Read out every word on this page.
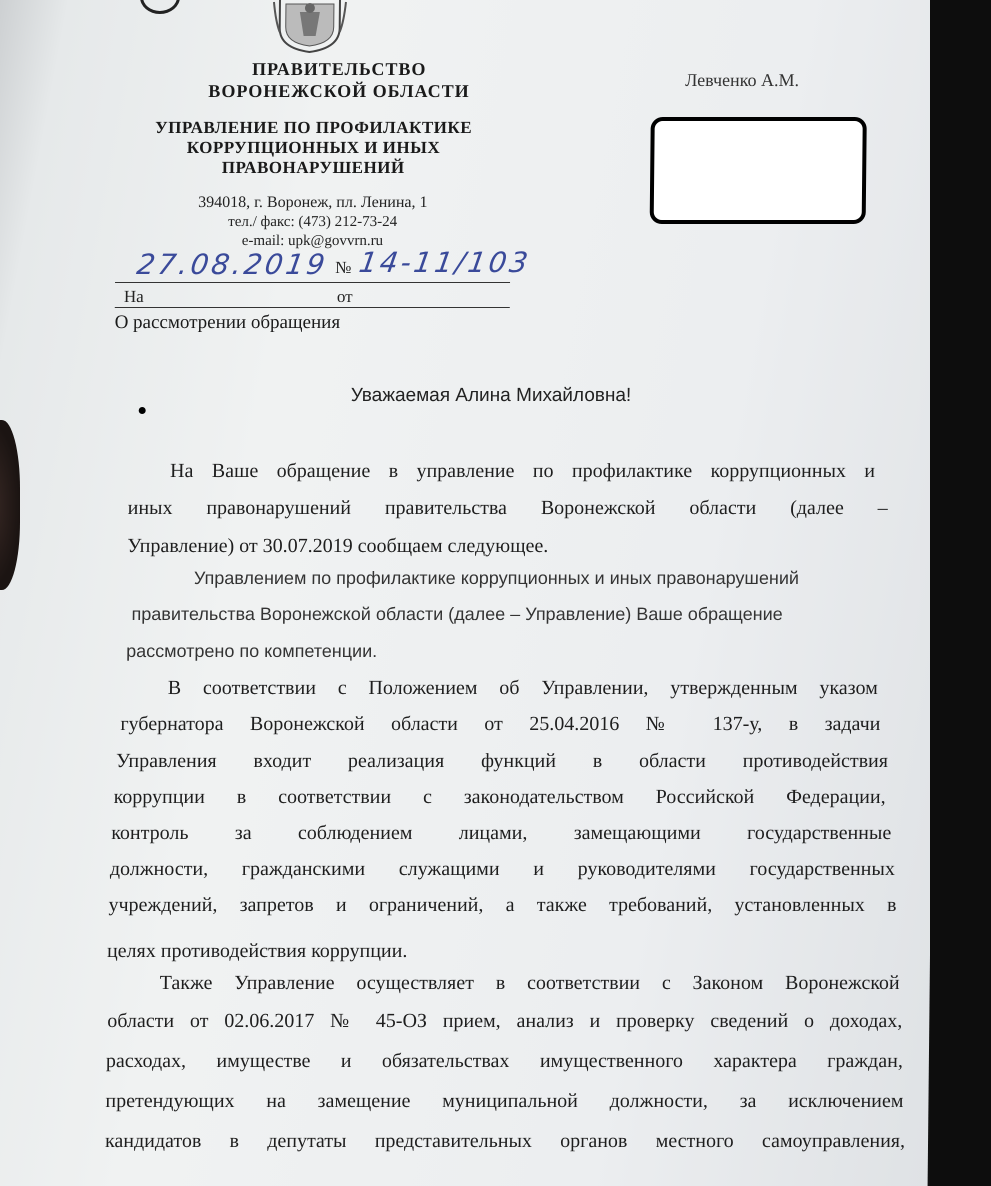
ПРАВИТЕЛЬСТВО
ВОРОНЕЖСКОЙ ОБЛАСТИ
УПРАВЛЕНИЕ ПО ПРОФИЛАКТИКЕ
КОРРУПЦИОННЫХ И ИНЫХ
ПРАВОНАРУШЕНИЙ
394018, г. Воронеж, пл. Ленина, 1
тел./ факс: (473) 212-73-24
e-mail: upk@govvrn.ru
Левченко А.М.
27.08.2019 № 14-11/103
На	от
О рассмотрении обращения
Уважаемая Алина Михайловна!
На Ваше обращение в управление по профилактике коррупционных и
иных правонарушений правительства Воронежской области (далее –
Управление) от 30.07.2019 сообщаем следующее.
Управлением по профилактике коррупционных и иных правонарушений
правительства Воронежской области (далее – Управление) Ваше обращение
рассмотрено по компетенции.
В соответствии с Положением об Управлении, утвержденным указом
губернатора Воронежской области от 25.04.2016 № 137-у, в задачи
Управления входит реализация функций в области противодействия
коррупции в соответствии с законодательством Российской Федерации,
контроль за соблюдением лицами, замещающими государственные
должности, гражданскими служащими и руководителями государственных
учреждений, запретов и ограничений, а также требований, установленных в
целях противодействия коррупции.
Также Управление осуществляет в соответствии с Законом Воронежской
области от 02.06.2017 № 45-ОЗ прием, анализ и проверку сведений о доходах,
расходах, имуществе и обязательствах имущественного характера граждан,
претендующих на замещение муниципальной должности, за исключением
кандидатов в депутаты представительных органов местного самоуправления,
